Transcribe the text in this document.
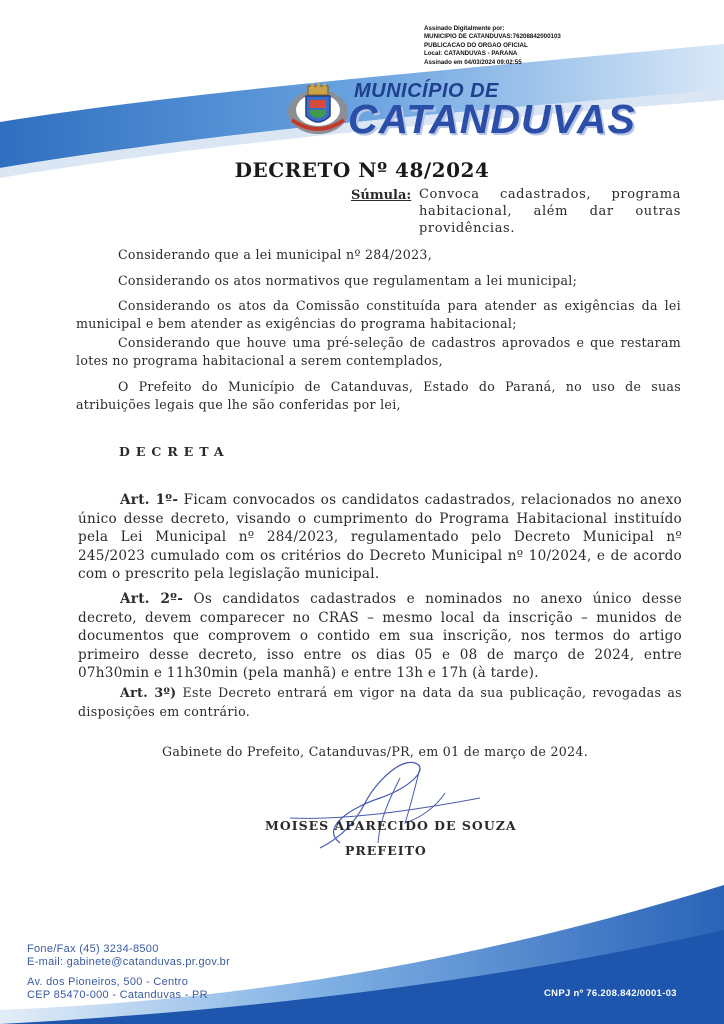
Assinado Digitalmente por:
MUNICIPIO DE CATANDUVAS:76208842000103
PUBLICACAO DO ORGAO OFICIAL
Local: CATANDUVAS - PARANA
Assinado em 04/03/2024 09:02:55
MUNICÍPIO DE
CATANDUVAS
DECRETO Nº 48/2024
Súmula: Convoca cadastrados, programa habitacional, além dar outras providências.
Considerando que a lei municipal nº 284/2023,
Considerando os atos normativos que regulamentam a lei municipal;
Considerando os atos da Comissão constituída para atender as exigências da lei municipal e bem atender as exigências do programa habitacional;
Considerando que houve uma pré-seleção de cadastros aprovados e que restaram lotes no programa habitacional a serem contemplados,
O Prefeito do Município de Catanduvas, Estado do Paraná, no uso de suas atribuições legais que lhe são conferidas por lei,
DECRETA
Art. 1º- Ficam convocados os candidatos cadastrados, relacionados no anexo único desse decreto, visando o cumprimento do Programa Habitacional instituído pela Lei Municipal nº 284/2023, regulamentado pelo Decreto Municipal nº 245/2023 cumulado com os critérios do Decreto Municipal nº 10/2024, e de acordo com o prescrito pela legislação municipal.
Art. 2º- Os candidatos cadastrados e nominados no anexo único desse decreto, devem comparecer no CRAS – mesmo local da inscrição – munidos de documentos que comprovem o contido em sua inscrição, nos termos do artigo primeiro desse decreto, isso entre os dias 05 e 08 de março de 2024, entre 07h30min e 11h30min (pela manhã) e entre 13h e 17h (à tarde).
Art. 3º) Este Decreto entrará em vigor na data da sua publicação, revogadas as disposições em contrário.
Gabinete do Prefeito, Catanduvas/PR, em 01 de março de 2024.
MOISES APARECIDO DE SOUZA
PREFEITO
Fone/Fax (45) 3234-8500
E-mail: gabinete@catanduvas.pr.gov.br
Av. dos Pioneiros, 500 - Centro
CEP 85470-000 - Catanduvas - PR	CNPJ nº 76.208.842/0001-03
